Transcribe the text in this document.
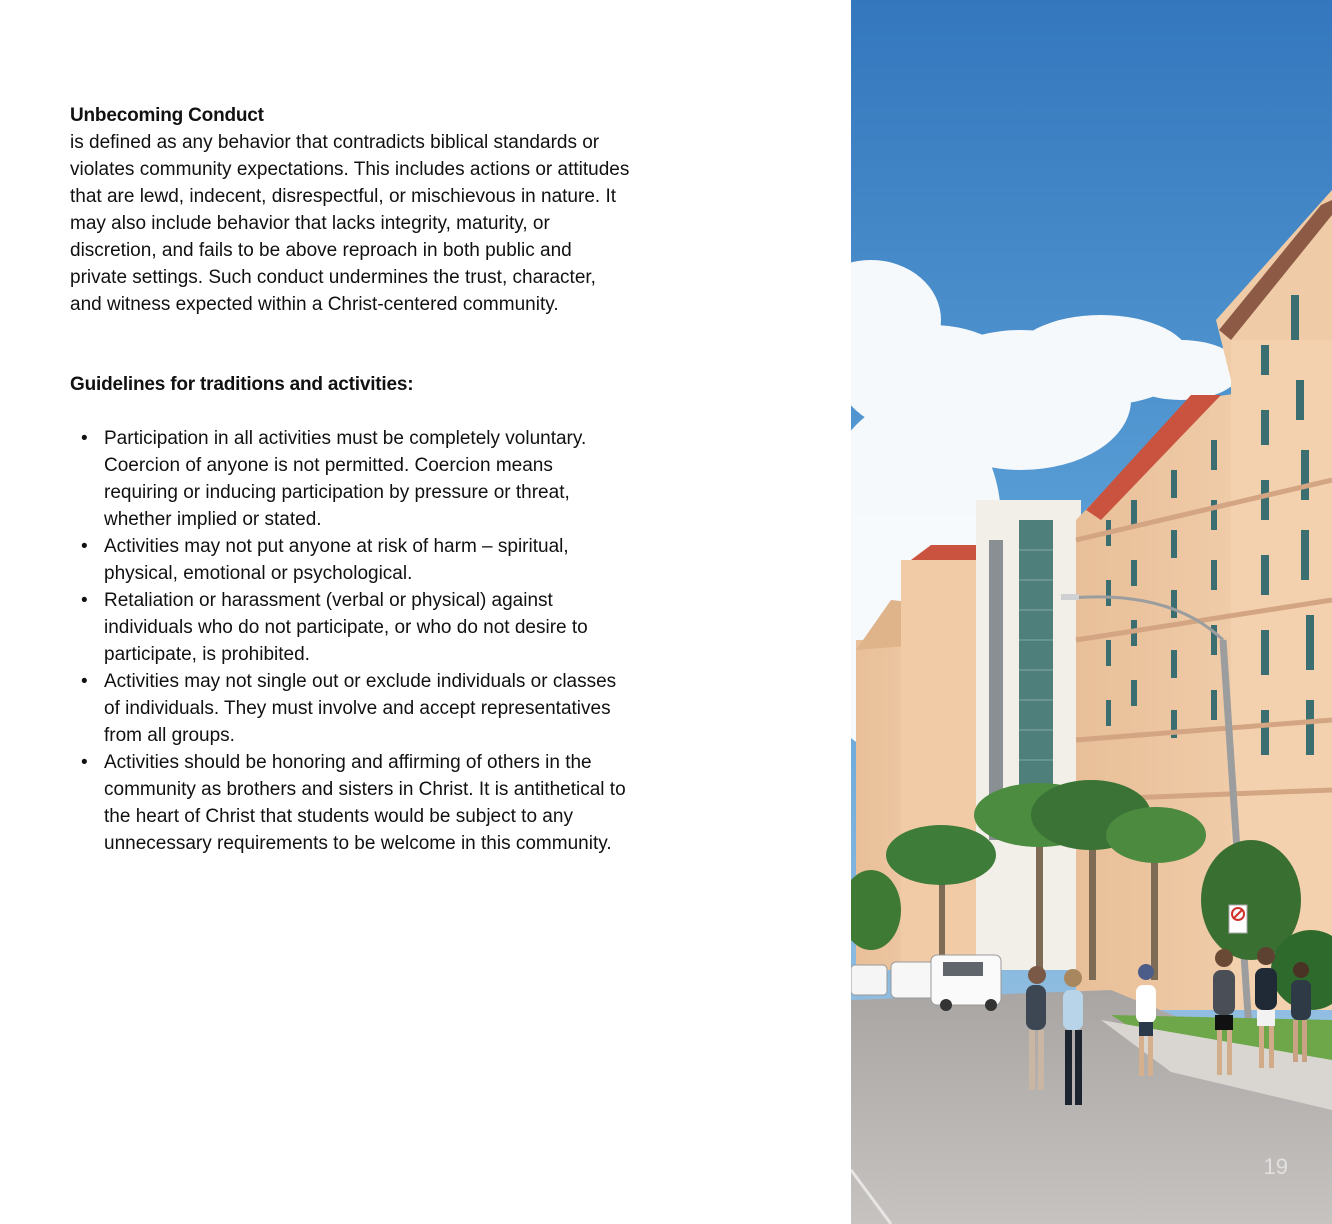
Unbecoming Conduct

is defined as any behavior that contradicts biblical standards or violates community expectations. This includes actions or attitudes that are lewd, indecent, disrespectful, or mischievous in nature. It may also include behavior that lacks integrity, maturity, or discretion, and fails to be above reproach in both public and private settings. Such conduct undermines the trust, character, and witness expected within a Christ-centered community.

Guidelines for traditions and activities:

• Participation in all activities must be completely voluntary. Coercion of anyone is not permitted. Coercion means requiring or inducing participation by pressure or threat, whether implied or stated.
• Activities may not put anyone at risk of harm – spiritual, physical, emotional or psychological.
• Retaliation or harassment (verbal or physical) against individuals who do not participate, or who do not desire to participate, is prohibited.
• Activities may not single out or exclude individuals or classes of individuals. They must involve and accept representatives from all groups.
• Activities should be honoring and affirming of others in the community as brothers and sisters in Christ. It is antithetical to the heart of Christ that students would be subject to any unnecessary requirements to be welcome in this community.
19
